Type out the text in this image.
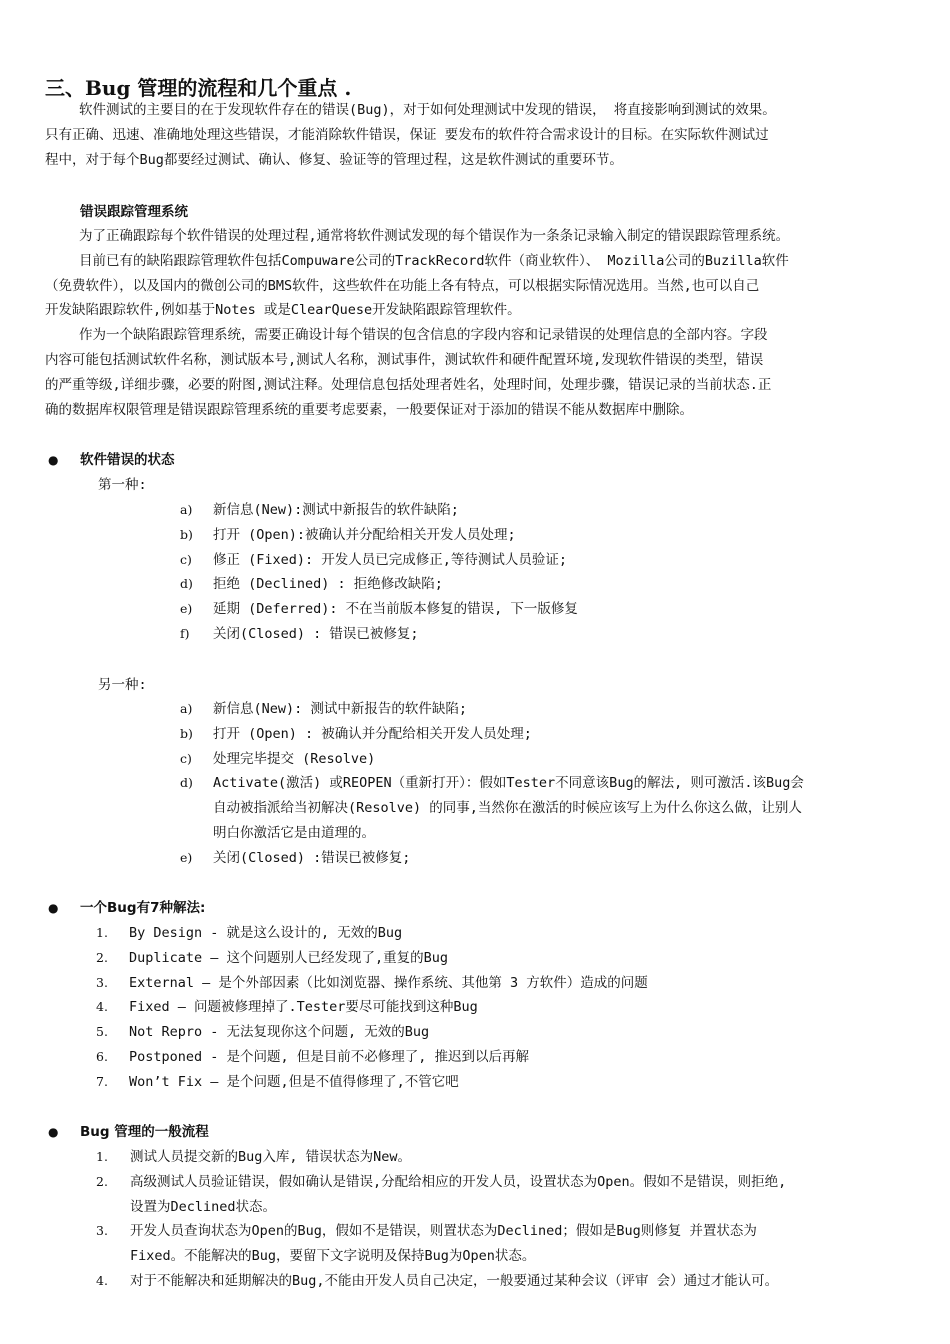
三、Bug 管理的流程和几个重点 .
软件测试的主要目的在于发现软件存在的错误(Bug)，对于如何处理测试中发现的错误， 将直接影响到测试的效果。
只有正确、迅速、准确地处理这些错误，才能消除软件错误，保证 要发布的软件符合需求设计的目标。在实际软件测试过
程中，对于每个Bug都要经过测试、确认、修复、验证等的管理过程，这是软件测试的重要环节。
错误跟踪管理系统
为了正确跟踪每个软件错误的处理过程,通常将软件测试发现的每个错误作为一条条记录输入制定的错误跟踪管理系统。
目前已有的缺陷跟踪管理软件包括Compuware公司的TrackRecord软件（商业软件）、 Mozilla公司的Buzilla软件
（免费软件），以及国内的微创公司的BMS软件，这些软件在功能上各有特点，可以根据实际情况选用。当然,也可以自己
开发缺陷跟踪软件,例如基于Notes 或是ClearQuese开发缺陷跟踪管理软件。
作为一个缺陷跟踪管理系统，需要正确设计每个错误的包含信息的字段内容和记录错误的处理信息的全部内容。字段
内容可能包括测试软件名称，测试版本号,测试人名称，测试事件，测试软件和硬件配置环境,发现软件错误的类型，错误
的严重等级,详细步骤，必要的附图,测试注释。处理信息包括处理者姓名，处理时间，处理步骤，错误记录的当前状态.正
确的数据库权限管理是错误跟踪管理系统的重要考虑要素，一般要保证对于添加的错误不能从数据库中删除。
● 软件错误的状态
第一种:
a) 新信息(New):测试中新报告的软件缺陷;
b) 打开 (Open):被确认并分配给相关开发人员处理;
c) 修正 (Fixed): 开发人员已完成修正,等待测试人员验证;
d) 拒绝 (Declined) : 拒绝修改缺陷;
e) 延期 (Deferred): 不在当前版本修复的错误, 下一版修复
f) 关闭(Closed) : 错误已被修复;
另一种:
a) 新信息(New): 测试中新报告的软件缺陷;
b) 打开 (Open) : 被确认并分配给相关开发人员处理;
c) 处理完毕提交 (Resolve)
d) Activate(激活) 或REOPEN（重新打开）：假如Tester不同意该Bug的解法, 则可激活.该Bug会
自动被指派给当初解决(Resolve) 的同事,当然你在激活的时候应该写上为什么你这么做，让别人
明白你激活它是由道理的。
e) 关闭(Closed) :错误已被修复;
● 一个Bug有7种解法:
1. By Design - 就是这么设计的, 无效的Bug
2. Duplicate — 这个问题别人已经发现了,重复的Bug
3. External — 是个外部因素（比如浏览器、操作系统、其他第 3 方软件）造成的问题
4. Fixed — 问题被修理掉了.Tester要尽可能找到这种Bug
5. Not Repro - 无法复现你这个问题, 无效的Bug
6. Postponed - 是个问题, 但是目前不必修理了, 推迟到以后再解
7. Won’t Fix — 是个问题,但是不值得修理了,不管它吧
● Bug 管理的一般流程
1. 测试人员提交新的Bug入库, 错误状态为New。
2. 高级测试人员验证错误，假如确认是错误,分配给相应的开发人员，设置状态为Open。假如不是错误，则拒绝,
设置为Declined状态。
3. 开发人员查询状态为Open的Bug，假如不是错误，则置状态为Declined；假如是Bug则修复 并置状态为
Fixed。不能解决的Bug，要留下文字说明及保持Bug为Open状态。
4. 对于不能解决和延期解决的Bug,不能由开发人员自己决定，一般要通过某种会议（评审 会）通过才能认可。
